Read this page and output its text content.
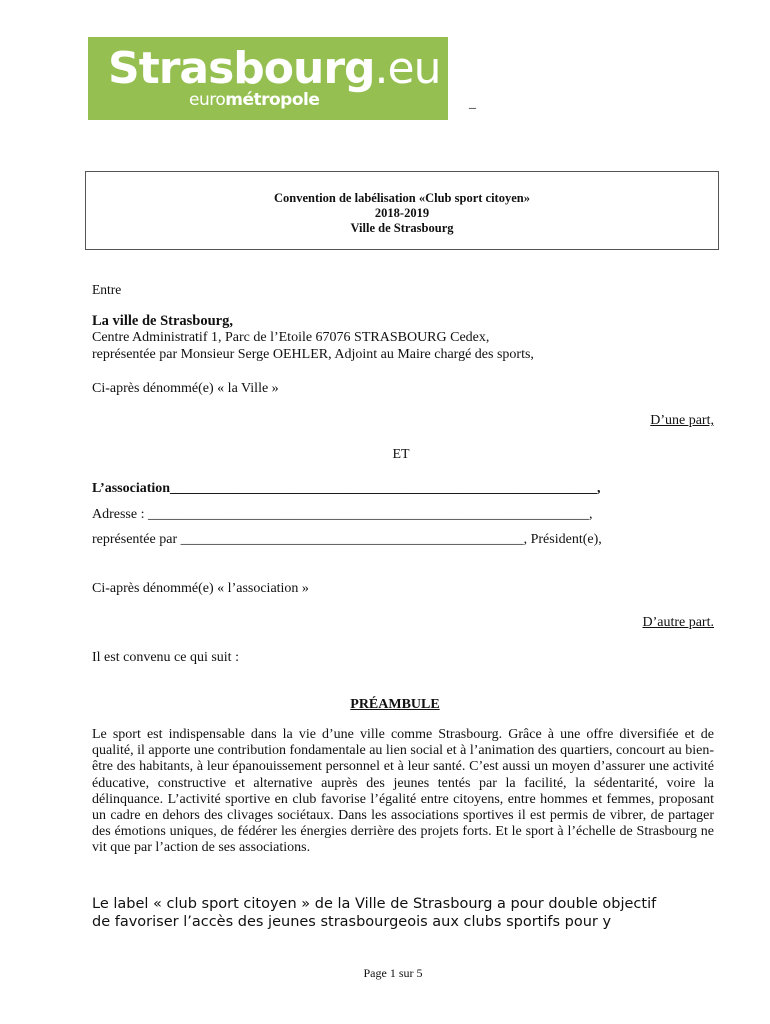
Strasbourg.eu
eurométropole	_
Convention de labélisation «Club sport citoyen»
2018-2019
Ville de Strasbourg
Entre
La ville de Strasbourg,
Centre Administratif 1, Parc de l’Etoile 67076 STRASBOURG Cedex,
représentée par Monsieur Serge OEHLER, Adjoint au Maire chargé des sports,
Ci-après dénommé(e) « la Ville »
D’une part,
ET
L’association_____________________________________________________________,
Adresse : _______________________________________________________________,
représentée par _________________________________________________, Président(e),
Ci-après dénommé(e) « l’association »
D’autre part.
Il est convenu ce qui suit :
PRÉAMBULE
Le sport est indispensable dans la vie d’une ville comme Strasbourg. Grâce à une offre diversifiée et de qualité, il apporte une contribution fondamentale au lien social et à l’animation des quartiers, concourt au bien-être des habitants, à leur épanouissement personnel et à leur santé. C’est aussi un moyen d’assurer une activité éducative, constructive et alternative auprès des jeunes tentés par la facilité, la sédentarité, voire la délinquance. L’activité sportive en club favorise l’égalité entre citoyens, entre hommes et femmes, proposant un cadre en dehors des clivages sociétaux. Dans les associations sportives il est permis de vibrer, de partager des émotions uniques, de fédérer les énergies derrière des projets forts. Et le sport à l’échelle de Strasbourg ne vit que par l’action de ses associations.
Le label « club sport citoyen » de la Ville de Strasbourg a pour double objectif
de favoriser l’accès des jeunes strasbourgeois aux clubs sportifs pour y
Page 1 sur 5
